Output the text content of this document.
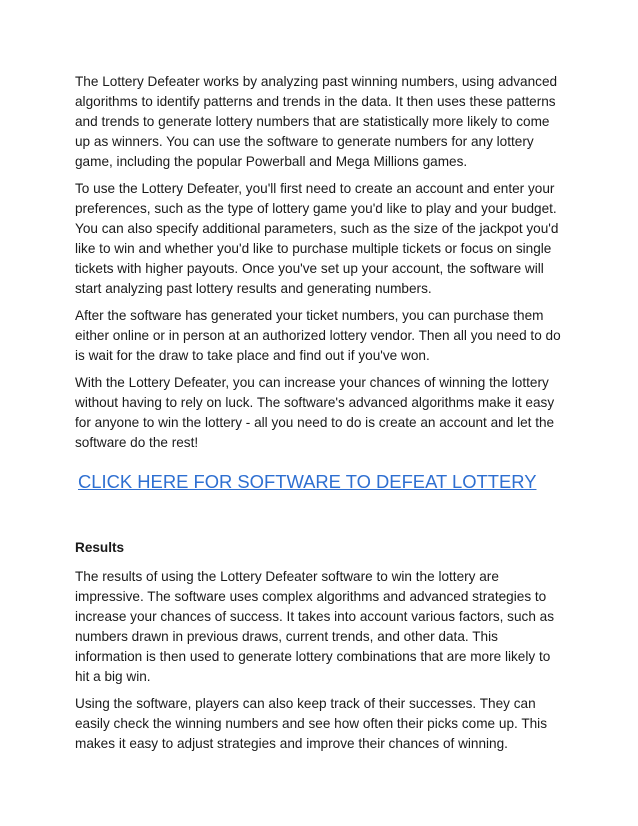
The Lottery Defeater works by analyzing past winning numbers, using advanced algorithms to identify patterns and trends in the data. It then uses these patterns and trends to generate lottery numbers that are statistically more likely to come up as winners. You can use the software to generate numbers for any lottery game, including the popular Powerball and Mega Millions games.

To use the Lottery Defeater, you'll first need to create an account and enter your preferences, such as the type of lottery game you'd like to play and your budget. You can also specify additional parameters, such as the size of the jackpot you'd like to win and whether you'd like to purchase multiple tickets or focus on single tickets with higher payouts. Once you've set up your account, the software will start analyzing past lottery results and generating numbers.

After the software has generated your ticket numbers, you can purchase them either online or in person at an authorized lottery vendor. Then all you need to do is wait for the draw to take place and find out if you've won.

With the Lottery Defeater, you can increase your chances of winning the lottery without having to rely on luck. The software's advanced algorithms make it easy for anyone to win the lottery - all you need to do is create an account and let the software do the rest!

CLICK HERE FOR SOFTWARE TO DEFEAT LOTTERY
Results

The results of using the Lottery Defeater software to win the lottery are impressive. The software uses complex algorithms and advanced strategies to increase your chances of success. It takes into account various factors, such as numbers drawn in previous draws, current trends, and other data. This information is then used to generate lottery combinations that are more likely to hit a big win.

Using the software, players can also keep track of their successes. They can easily check the winning numbers and see how often their picks come up. This makes it easy to adjust strategies and improve their chances of winning.
